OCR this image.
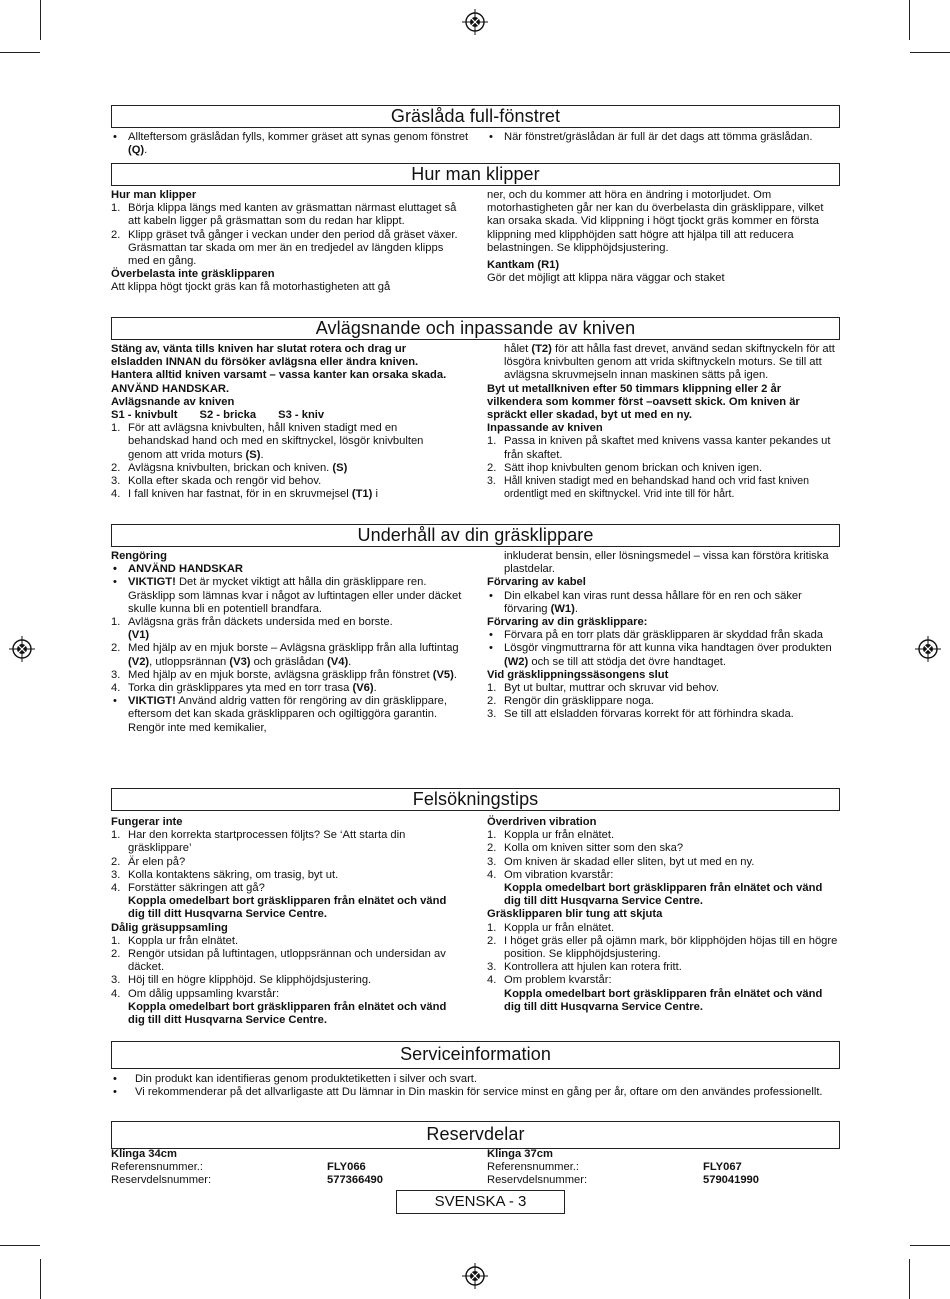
Gräslåda full-fönstret
• Allteftersom gräslådan fylls, kommer gräset att synas genom fönstret (Q).
• När fönstret/gräslådan är full är det dags att tömma gräslådan.
Hur man klipper

Hur man klipper

1. Börja klippa längs med kanten av gräsmattan närmast eluttaget så att kabeln ligger på gräsmattan som du redan har klippt.
2. Klipp gräset två gånger i veckan under den period då gräset växer. Gräsmattan tar skada om mer än en tredjedel av längden klipps med en gång.

Överbelasta inte gräsklipparen

Att klippa högt tjockt gräs kan få motorhastigheten att gå

ner, och du kommer att höra en ändring i motorljudet. Om motorhastigheten går ner kan du överbelasta din gräsklippare, vilket kan orsaka skada. Vid klippning i högt tjockt gräs kommer en första klippning med klipphöjden satt högre att hjälpa till att reducera belastningen. Se klipphöjdsjustering.

Kantkam (R1)

Gör det möjligt att klippa nära väggar och staket

Avlägsnande och inpassande av kniven

Stäng av, vänta tills kniven har slutat rotera och drag ur elsladden INNAN du försöker avlägsna eller ändra kniven. Hantera alltid kniven varsamt – vassa kanter kan orsaka skada.

ANVÄND HANDSKAR.

Avlägsnande av kniven

S1 - knivbult S2 - bricka S3 - kniv

1. För att avlägsna knivbulten, håll kniven stadigt med en behandskad hand och med en skiftnyckel, lösgör knivbulten genom att vrida moturs (S).
2. Avlägsna knivbulten, brickan och kniven. (S)
3. Kolla efter skada och rengör vid behov.
4. I fall kniven har fastnat, för in en skruvmejsel (T1) i

hålet (T2) för att hålla fast drevet, använd sedan skiftnyckeln för att lösgöra knivbulten genom att vrida skiftnyckeln moturs. Se till att avlägsna skruvmejseln innan maskinen sätts på igen.

Byt ut metallkniven efter 50 timmars klippning eller 2 år vilkendera som kommer först –oavsett skick. Om kniven är spräckt eller skadad, byt ut med en ny.

Inpassande av kniven

1. Passa in kniven på skaftet med knivens vassa kanter pekandes ut från skaftet.
2. Sätt ihop knivbulten genom brickan och kniven igen.
3. Håll kniven stadigt med en behandskad hand och vrid fast kniven ordentligt med en skiftnyckel. Vrid inte till för hårt.
Underhåll av din gräsklippare

Rengöring

• ANVÄND HANDSKAR
• VIKTIGT! Det är mycket viktigt att hålla din gräsklippare ren. Gräsklipp som lämnas kvar i något av luftintagen eller under däcket skulle kunna bli en potentiell brandfara.
1. Avlägsna gräs från däckets undersida med en borste.
(V1)
2. Med hjälp av en mjuk borste – Avlägsna gräsklipp från alla luftintag (V2), utloppsrännan (V3) och gräslådan (V4).
3. Med hjälp av en mjuk borste, avlägsna gräsklipp från fönstret (V5).
4. Torka din gräsklippares yta med en torr trasa (V6).
• VIKTIGT! Använd aldrig vatten för rengöring av din gräsklippare, eftersom det kan skada gräsklipparen och ogiltiggöra garantin. Rengör inte med kemikalier,

inkluderat bensin, eller lösningsmedel – vissa kan förstöra kritiska plastdelar.

Förvaring av kabel

• Din elkabel kan viras runt dessa hållare för en ren och säker förvaring (W1).

Förvaring av din gräsklippare:

• Förvara på en torr plats där gräsklipparen är skyddad från skada
• Lösgör vingmuttrarna för att kunna vika handtagen över produkten (W2) och se till att stödja det övre handtaget.

Vid gräsklippningssäsongens slut

1. Byt ut bultar, muttrar och skruvar vid behov.
2. Rengör din gräsklippare noga.
3. Se till att elsladden förvaras korrekt för att förhindra skada.
Felsökningstips

Fungerar inte

1. Har den korrekta startprocessen följts? Se ‘Att starta din gräsklippare’
2. Är elen på?
3. Kolla kontaktens säkring, om trasig, byt ut.
4. Forstätter säkringen att gå?
Koppla omedelbart bort gräsklipparen från elnätet och vänd dig till ditt Husqvarna Service Centre.

Dålig gräsuppsamling

1. Koppla ur från elnätet.
2. Rengör utsidan på luftintagen, utloppsrännan och undersidan av däcket.
3. Höj till en högre klipphöjd. Se klipphöjdsjustering.
4. Om dålig uppsamling kvarstår:
Koppla omedelbart bort gräsklipparen från elnätet och vänd dig till ditt Husqvarna Service Centre.

Överdriven vibration

1. Koppla ur från elnätet.
2. Kolla om kniven sitter som den ska?
3. Om kniven är skadad eller sliten, byt ut med en ny.
4. Om vibration kvarstår:
Koppla omedelbart bort gräsklipparen från elnätet och vänd dig till ditt Husqvarna Service Centre.

Gräsklipparen blir tung att skjuta

1. Koppla ur från elnätet.
2. I höget gräs eller på ojämn mark, bör klipphöjden höjas till en högre position. Se klipphöjdsjustering.
3. Kontrollera att hjulen kan rotera fritt.
4. Om problem kvarstår:
Koppla omedelbart bort gräsklipparen från elnätet och vänd dig till ditt Husqvarna Service Centre.
Serviceinformation
• Din produkt kan identifieras genom produktetiketten i silver och svart.
• Vi rekommenderar på det allvarligaste att Du lämnar in Din maskin för service minst en gång per år, oftare om den användes professionellt.
Reservdelar

Klinga 34cm

Referensnummer.:	FLY066
Reservdelsnummer:	577366490

Klinga 37cm

Referensnummer.:	FLY067
Reservdelsnummer:	579041990
SVENSKA - 3
